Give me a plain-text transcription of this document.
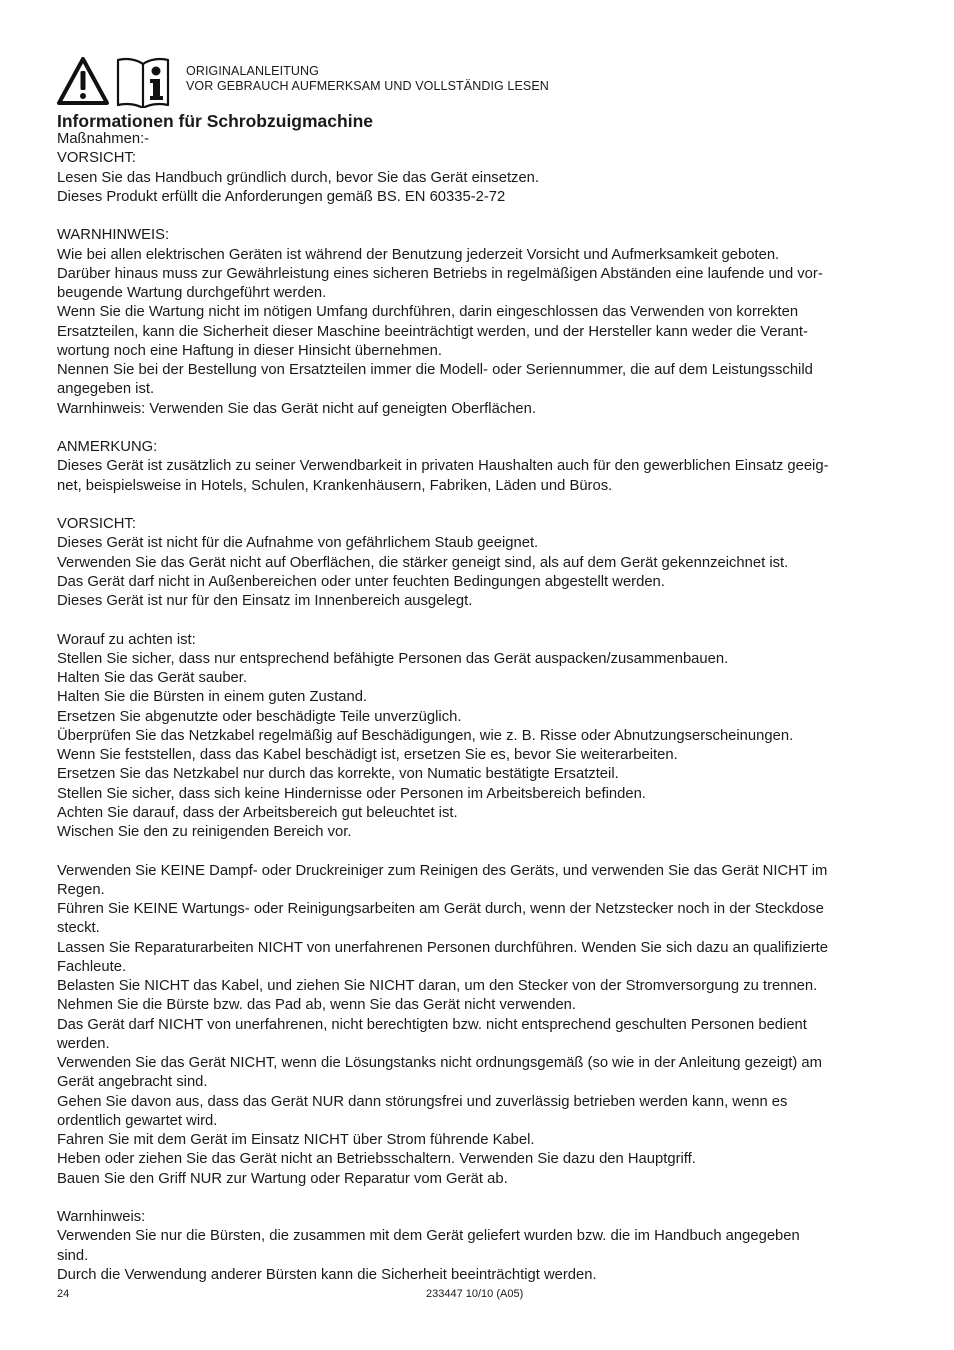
ORIGINALANLEITUNG
VOR GEBRAUCH AUFMERKSAM UND VOLLSTÄNDIG LESEN
Informationen für Schrobzuigmachine
Maßnahmen:-
VORSICHT:
Lesen Sie das Handbuch gründlich durch, bevor Sie das Gerät einsetzen.
Dieses Produkt erfüllt die Anforderungen gemäß BS. EN 60335-2-72
WARNHINWEIS:
Wie bei allen elektrischen Geräten ist während der Benutzung jederzeit Vorsicht und Aufmerksamkeit geboten.
Darüber hinaus muss zur Gewährleistung eines sicheren Betriebs in regelmäßigen Abständen eine laufende und vor-
beugende Wartung durchgeführt werden.
Wenn Sie die Wartung nicht im nötigen Umfang durchführen, darin eingeschlossen das Verwenden von korrekten
Ersatzteilen, kann die Sicherheit dieser Maschine beeinträchtigt werden, und der Hersteller kann weder die Verant-
wortung noch eine Haftung in dieser Hinsicht übernehmen.
Nennen Sie bei der Bestellung von Ersatzteilen immer die Modell- oder Seriennummer, die auf dem Leistungsschild
angegeben ist.
Warnhinweis: Verwenden Sie das Gerät nicht auf geneigten Oberflächen.
ANMERKUNG:
Dieses Gerät ist zusätzlich zu seiner Verwendbarkeit in privaten Haushalten auch für den gewerblichen Einsatz geeig-
net, beispielsweise in Hotels, Schulen, Krankenhäusern, Fabriken, Läden und Büros.
VORSICHT:
Dieses Gerät ist nicht für die Aufnahme von gefährlichem Staub geeignet.
Verwenden Sie das Gerät nicht auf Oberflächen, die stärker geneigt sind, als auf dem Gerät gekennzeichnet ist.
Das Gerät darf nicht in Außenbereichen oder unter feuchten Bedingungen abgestellt werden.
Dieses Gerät ist nur für den Einsatz im Innenbereich ausgelegt.
Worauf zu achten ist:
Stellen Sie sicher, dass nur entsprechend befähigte Personen das Gerät auspacken/zusammenbauen.
Halten Sie das Gerät sauber.
Halten Sie die Bürsten in einem guten Zustand.
Ersetzen Sie abgenutzte oder beschädigte Teile unverzüglich.
Überprüfen Sie das Netzkabel regelmäßig auf Beschädigungen, wie z. B. Risse oder Abnutzungserscheinungen.
Wenn Sie feststellen, dass das Kabel beschädigt ist, ersetzen Sie es, bevor Sie weiterarbeiten.
Ersetzen Sie das Netzkabel nur durch das korrekte, von Numatic bestätigte Ersatzteil.
Stellen Sie sicher, dass sich keine Hindernisse oder Personen im Arbeitsbereich befinden.
Achten Sie darauf, dass der Arbeitsbereich gut beleuchtet ist.
Wischen Sie den zu reinigenden Bereich vor.
Verwenden Sie KEINE Dampf- oder Druckreiniger zum Reinigen des Geräts, und verwenden Sie das Gerät NICHT im
Regen.
Führen Sie KEINE Wartungs- oder Reinigungsarbeiten am Gerät durch, wenn der Netzstecker noch in der Steckdose
steckt.
Lassen Sie Reparaturarbeiten NICHT von unerfahrenen Personen durchführen. Wenden Sie sich dazu an qualifizierte
Fachleute.
Belasten Sie NICHT das Kabel, und ziehen Sie NICHT daran, um den Stecker von der Stromversorgung zu trennen.
Nehmen Sie die Bürste bzw. das Pad ab, wenn Sie das Gerät nicht verwenden.
Das Gerät darf NICHT von unerfahrenen, nicht berechtigten bzw. nicht entsprechend geschulten Personen bedient
werden.
Verwenden Sie das Gerät NICHT, wenn die Lösungstanks nicht ordnungsgemäß (so wie in der Anleitung gezeigt) am
Gerät angebracht sind.
Gehen Sie davon aus, dass das Gerät NUR dann störungsfrei und zuverlässig betrieben werden kann, wenn es
ordentlich gewartet wird.
Fahren Sie mit dem Gerät im Einsatz NICHT über Strom führende Kabel.
Heben oder ziehen Sie das Gerät nicht an Betriebsschaltern. Verwenden Sie dazu den Hauptgriff.
Bauen Sie den Griff NUR zur Wartung oder Reparatur vom Gerät ab.
Warnhinweis:
Verwenden Sie nur die Bürsten, die zusammen mit dem Gerät geliefert wurden bzw. die im Handbuch angegeben
sind.
Durch die Verwendung anderer Bürsten kann die Sicherheit beeinträchtigt werden.
24	233447 10/10 (A05)
